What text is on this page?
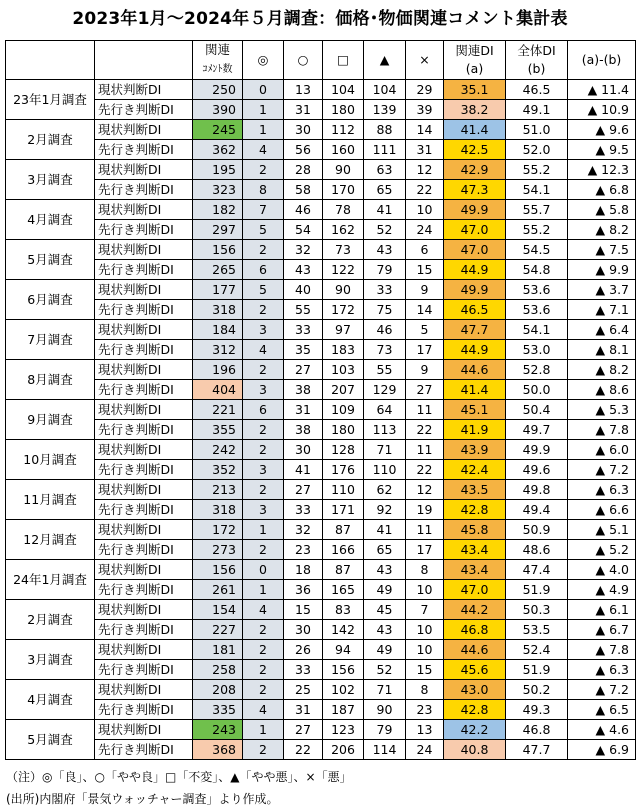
2023年1月～2024年５月調査：価格･物価関連コメント集計表
		関連
ｺﾒﾝﾄ数	◎	○	□	▲	×	関連DI
(a)	全体DI
(b)	(a)-(b)
23年1月調査	現状判断DI	250	0	13	104	104	29	35.1	46.5	▲ 11.4
	先行き判断DI	390	1	31	180	139	39	38.2	49.1	▲ 10.9
2月調査	現状判断DI	245	1	30	112	88	14	41.4	51.0	▲ 9.6
	先行き判断DI	362	4	56	160	111	31	42.5	52.0	▲ 9.5
3月調査	現状判断DI	195	2	28	90	63	12	42.9	55.2	▲ 12.3
	先行き判断DI	323	8	58	170	65	22	47.3	54.1	▲ 6.8
4月調査	現状判断DI	182	7	46	78	41	10	49.9	55.7	▲ 5.8
	先行き判断DI	297	5	54	162	52	24	47.0	55.2	▲ 8.2
5月調査	現状判断DI	156	2	32	73	43	6	47.0	54.5	▲ 7.5
	先行き判断DI	265	6	43	122	79	15	44.9	54.8	▲ 9.9
6月調査	現状判断DI	177	5	40	90	33	9	49.9	53.6	▲ 3.7
	先行き判断DI	318	2	55	172	75	14	46.5	53.6	▲ 7.1
7月調査	現状判断DI	184	3	33	97	46	5	47.7	54.1	▲ 6.4
	先行き判断DI	312	4	35	183	73	17	44.9	53.0	▲ 8.1
8月調査	現状判断DI	196	2	27	103	55	9	44.6	52.8	▲ 8.2
	先行き判断DI	404	3	38	207	129	27	41.4	50.0	▲ 8.6
9月調査	現状判断DI	221	6	31	109	64	11	45.1	50.4	▲ 5.3
	先行き判断DI	355	2	38	180	113	22	41.9	49.7	▲ 7.8
10月調査	現状判断DI	242	2	30	128	71	11	43.9	49.9	▲ 6.0
	先行き判断DI	352	3	41	176	110	22	42.4	49.6	▲ 7.2
11月調査	現状判断DI	213	2	27	110	62	12	43.5	49.8	▲ 6.3
	先行き判断DI	318	3	33	171	92	19	42.8	49.4	▲ 6.6
12月調査	現状判断DI	172	1	32	87	41	11	45.8	50.9	▲ 5.1
	先行き判断DI	273	2	23	166	65	17	43.4	48.6	▲ 5.2
24年1月調査	現状判断DI	156	0	18	87	43	8	43.4	47.4	▲ 4.0
	先行き判断DI	261	1	36	165	49	10	47.0	51.9	▲ 4.9
2月調査	現状判断DI	154	4	15	83	45	7	44.2	50.3	▲ 6.1
	先行き判断DI	227	2	30	142	43	10	46.8	53.5	▲ 6.7
3月調査	現状判断DI	181	2	26	94	49	10	44.6	52.4	▲ 7.8
	先行き判断DI	258	2	33	156	52	15	45.6	51.9	▲ 6.3
4月調査	現状判断DI	208	2	25	102	71	8	43.0	50.2	▲ 7.2
	先行き判断DI	335	4	31	187	90	23	42.8	49.3	▲ 6.5
5月調査	現状判断DI	243	1	27	123	79	13	42.2	46.8	▲ 4.6
	先行き判断DI	368	2	22	206	114	24	40.8	47.7	▲ 6.9
（注）◎「良」、○「やや良」□「不変」、▲「やや悪」、×「悪」
(出所)内閣府「景気ウォッチャー調査」より作成。
